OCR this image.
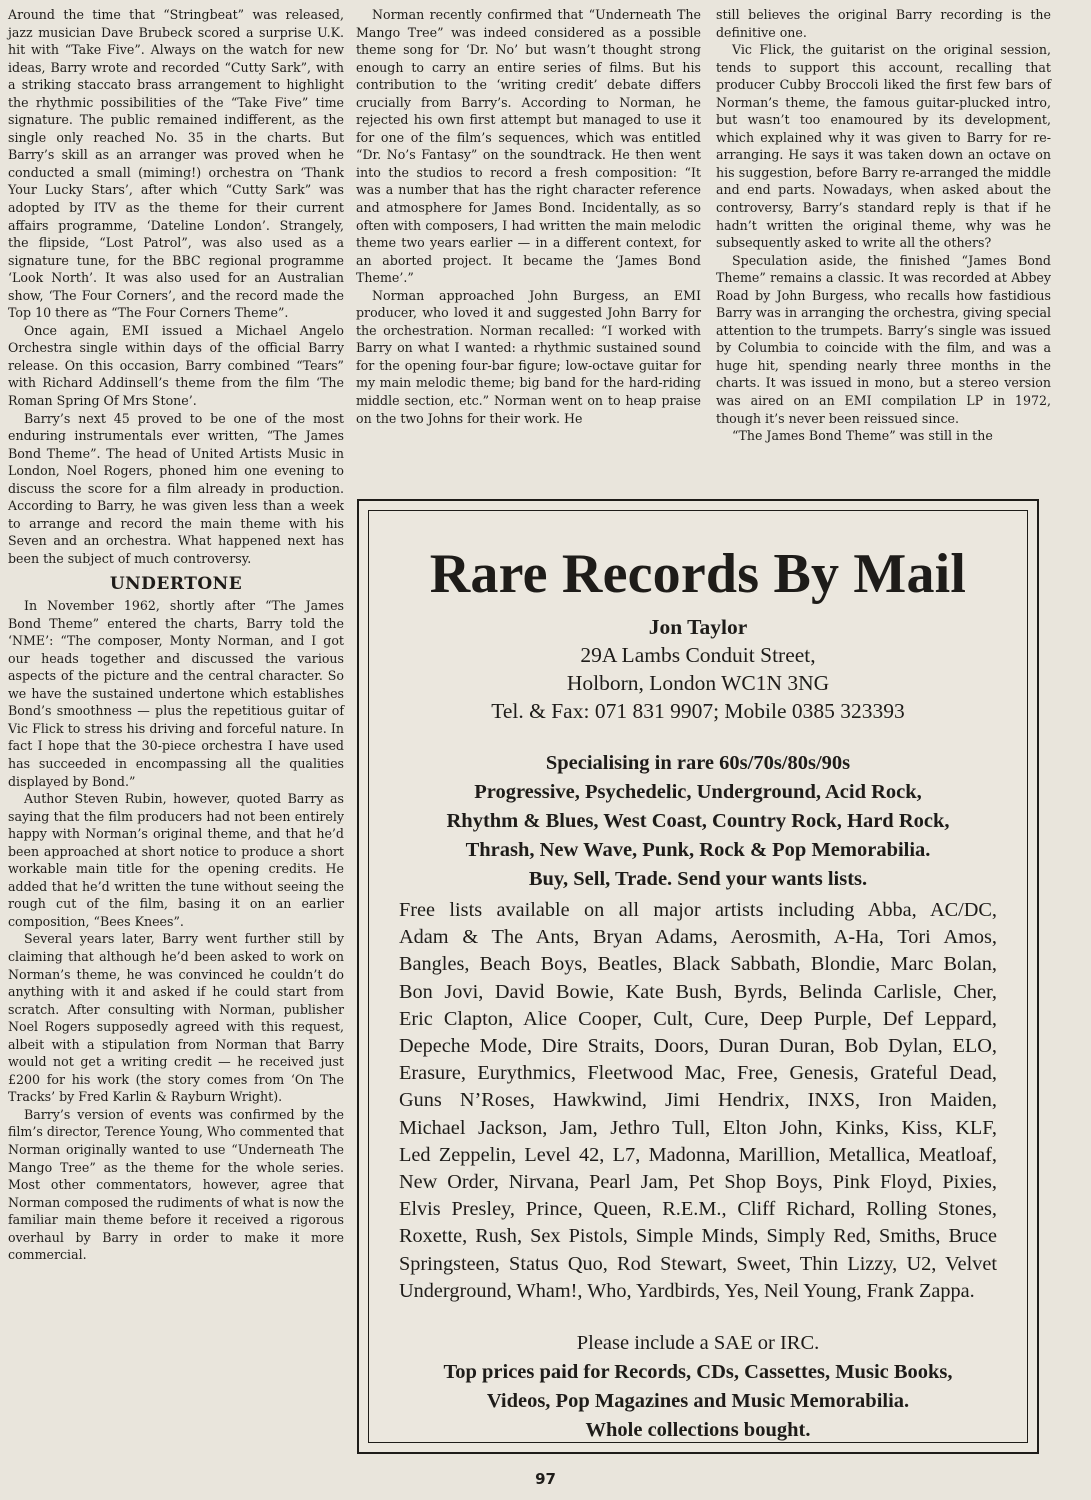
Around the time that “Stringbeat” was released, jazz musician Dave Brubeck scored a surprise U.K. hit with “Take Five”. Always on the watch for new ideas, Barry wrote and recorded “Cutty Sark”, with a striking staccato brass arrangement to highlight the rhythmic possibilities of the “Take Five” time signature. The public remained indifferent, as the single only reached No. 35 in the charts. But Barry’s skill as an arranger was proved when he conducted a small (miming!) orchestra on ‘Thank Your Lucky Stars’, after which “Cutty Sark” was adopted by ITV as the theme for their current affairs programme, ‘Dateline London’. Strangely, the flipside, “Lost Patrol”, was also used as a signature tune, for the BBC regional programme ‘Look North’. It was also used for an Australian show, ‘The Four Corners’, and the record made the Top 10 there as “The Four Corners Theme”.

Once again, EMI issued a Michael Angelo Orchestra single within days of the official Barry release. On this occasion, Barry combined “Tears” with Richard Addinsell’s theme from the film ‘The Roman Spring Of Mrs Stone’.

Barry’s next 45 proved to be one of the most enduring instrumentals ever written, “The James Bond Theme”. The head of United Artists Music in London, Noel Rogers, phoned him one evening to discuss the score for a film already in production. According to Barry, he was given less than a week to arrange and record the main theme with his Seven and an orchestra. What happened next has been the subject of much controversy.

UNDERTONE

In November 1962, shortly after “The James Bond Theme” entered the charts, Barry told the ‘NME’: “The composer, Monty Norman, and I got our heads together and discussed the various aspects of the picture and the central character. So we have the sustained undertone which establishes Bond’s smoothness — plus the repetitious guitar of Vic Flick to stress his driving and forceful nature. In fact I hope that the 30-piece orchestra I have used has succeeded in encompassing all the qualities displayed by Bond.”

Author Steven Rubin, however, quoted Barry as saying that the film producers had not been entirely happy with Norman’s original theme, and that he’d been approached at short notice to produce a short workable main title for the opening credits. He added that he’d written the tune without seeing the rough cut of the film, basing it on an earlier composition, “Bees Knees”.

Several years later, Barry went further still by claiming that although he’d been asked to work on Norman’s theme, he was convinced he couldn’t do anything with it and asked if he could start from scratch. After consulting with Norman, publisher Noel Rogers supposedly agreed with this request, albeit with a stipulation from Norman that Barry would not get a writing credit — he received just £200 for his work (the story comes from ‘On The Tracks’ by Fred Karlin & Rayburn Wright).

Barry’s version of events was confirmed by the film’s director, Terence Young, Who commented that Norman originally wanted to use “Underneath The Mango Tree” as the theme for the whole series. Most other commentators, however, agree that Norman composed the rudiments of what is now the familiar main theme before it received a rigorous overhaul by Barry in order to make it more commercial.

Norman recently confirmed that “Underneath The Mango Tree” was indeed considered as a possible theme song for ‘Dr. No’ but wasn’t thought strong enough to carry an entire series of films. But his contribution to the ‘writing credit’ debate differs crucially from Barry’s. According to Norman, he rejected his own first attempt but managed to use it for one of the film’s sequences, which was entitled “Dr. No’s Fantasy” on the soundtrack. He then went into the studios to record a fresh composition: “It was a number that has the right character reference and atmosphere for James Bond. Incidentally, as so often with composers, I had written the main melodic theme two years earlier — in a different context, for an aborted project. It became the ‘James Bond Theme’.”

Norman approached John Burgess, an EMI producer, who loved it and suggested John Barry for the orchestration. Norman recalled: “I worked with Barry on what I wanted: a rhythmic sustained sound for the opening four-bar figure; low-octave guitar for my main melodic theme; big band for the hard-riding middle section, etc.” Norman went on to heap praise on the two Johns for their work. He

still believes the original Barry recording is the definitive one.

Vic Flick, the guitarist on the original session, tends to support this account, recalling that producer Cubby Broccoli liked the first few bars of Norman’s theme, the famous guitar-plucked intro, but wasn’t too enamoured by its development, which explained why it was given to Barry for re-arranging. He says it was taken down an octave on his suggestion, before Barry re-arranged the middle and end parts. Nowadays, when asked about the controversy, Barry’s standard reply is that if he hadn’t written the original theme, why was he subsequently asked to write all the others?

Speculation aside, the finished “James Bond Theme” remains a classic. It was recorded at Abbey Road by John Burgess, who recalls how fastidious Barry was in arranging the orchestra, giving special attention to the trumpets. Barry’s single was issued by Columbia to coincide with the film, and was a huge hit, spending nearly three months in the charts. It was issued in mono, but a stereo version was aired on an EMI compilation LP in 1972, though it’s never been reissued since.

“The James Bond Theme” was still in the

Rare Records By Mail
Jon Taylor
29A Lambs Conduit Street,
Holborn, London WC1N 3NG
Tel. & Fax: 071 831 9907; Mobile 0385 323393
Specialising in rare 60s/70s/80s/90s
Progressive, Psychedelic, Underground, Acid Rock,
Rhythm & Blues, West Coast, Country Rock, Hard Rock,
Thrash, New Wave, Punk, Rock & Pop Memorabilia.
Buy, Sell, Trade. Send your wants lists.
Free lists available on all major artists including Abba, AC/DC,
Adam & The Ants, Bryan Adams, Aerosmith, A-Ha, Tori Amos,
Bangles, Beach Boys, Beatles, Black Sabbath, Blondie, Marc Bolan,
Bon Jovi, David Bowie, Kate Bush, Byrds, Belinda Carlisle, Cher,
Eric Clapton, Alice Cooper, Cult, Cure, Deep Purple, Def Leppard,
Depeche Mode, Dire Straits, Doors, Duran Duran, Bob Dylan, ELO,
Erasure, Eurythmics, Fleetwood Mac, Free, Genesis, Grateful Dead,
Guns N’Roses, Hawkwind, Jimi Hendrix, INXS, Iron Maiden,
Michael Jackson, Jam, Jethro Tull, Elton John, Kinks, Kiss, KLF,
Led Zeppelin, Level 42, L7, Madonna, Marillion, Metallica, Meatloaf,
New Order, Nirvana, Pearl Jam, Pet Shop Boys, Pink Floyd, Pixies,
Elvis Presley, Prince, Queen, R.E.M., Cliff Richard, Rolling Stones,
Roxette, Rush, Sex Pistols, Simple Minds, Simply Red, Smiths, Bruce
Springsteen, Status Quo, Rod Stewart, Sweet, Thin Lizzy, U2, Velvet
Underground, Wham!, Who, Yardbirds, Yes, Neil Young, Frank Zappa.
Please include a SAE or IRC.
Top prices paid for Records, CDs, Cassettes, Music Books,
Videos, Pop Magazines and Music Memorabilia.
Whole collections bought.
97
